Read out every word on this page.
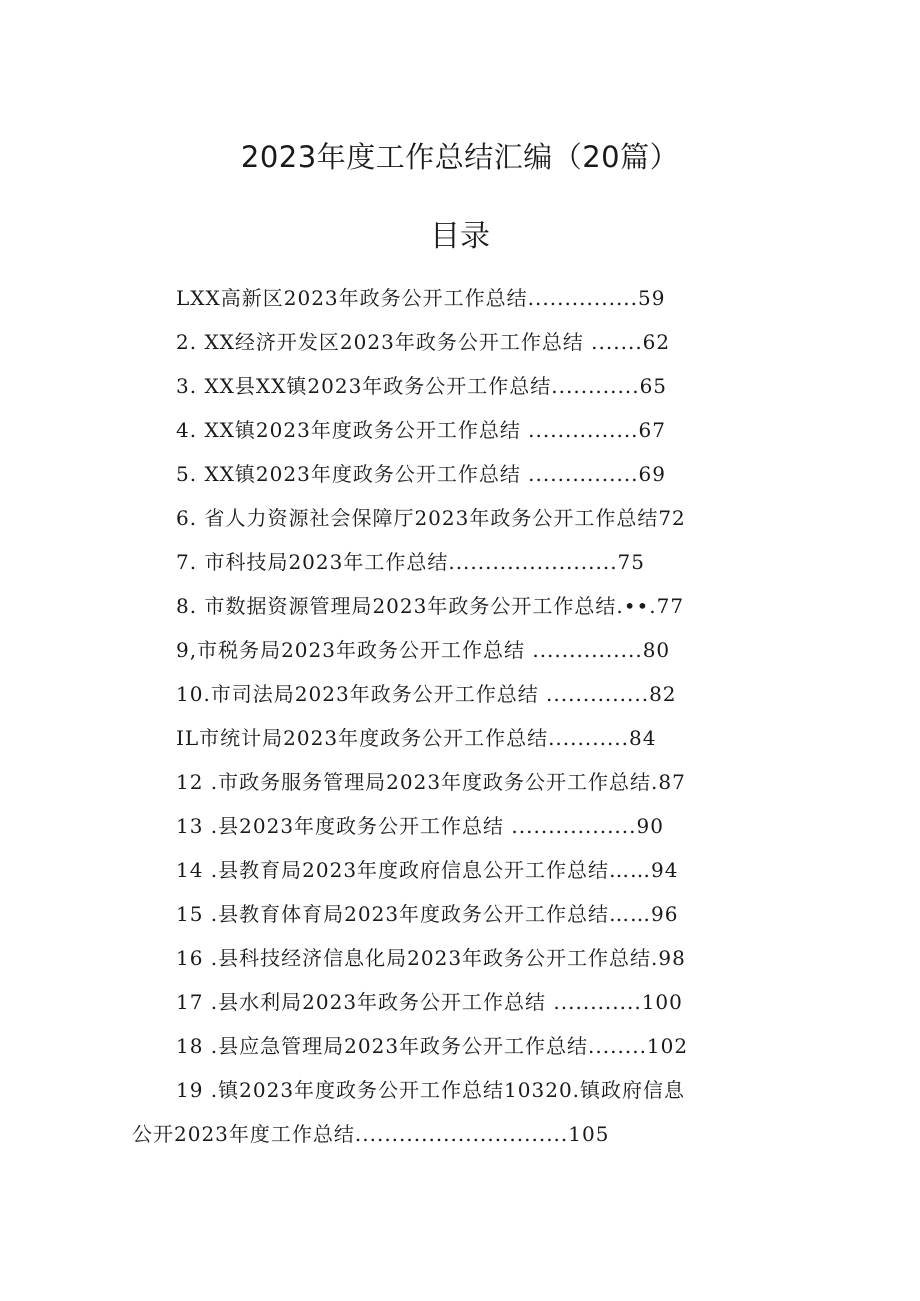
2023年度工作总结汇编（20篇）
目录
LXX高新区2023年政务公开工作总结...............59
2. XX经济开发区2023年政务公开工作总结 .......62
3. XX县XX镇2023年政务公开工作总结............65
4. XX镇2023年度政务公开工作总结 ...............67
5. XX镇2023年度政务公开工作总结 ...............69
6. 省人力资源社会保障厅2023年政务公开工作总结72
7. 市科技局2023年工作总结.......................75
8. 市数据资源管理局2023年政务公开工作总结.••.77
9,市税务局2023年政务公开工作总结 ...............80
10.市司法局2023年政务公开工作总结 ..............82
IL市统计局2023年度政务公开工作总结...........84
12 .市政务服务管理局2023年度政务公开工作总结.87
13 .县2023年度政务公开工作总结 .................90
14 .县教育局2023年度政府信息公开工作总结……94
15 .县教育体育局2023年度政务公开工作总结……96
16 .县科技经济信息化局2023年政务公开工作总结.98
17 .县水利局2023年政务公开工作总结 ............100
18 .县应急管理局2023年政务公开工作总结........102
19 .镇2023年度政务公开工作总结10320.镇政府信息
公开2023年度工作总结.............................105
